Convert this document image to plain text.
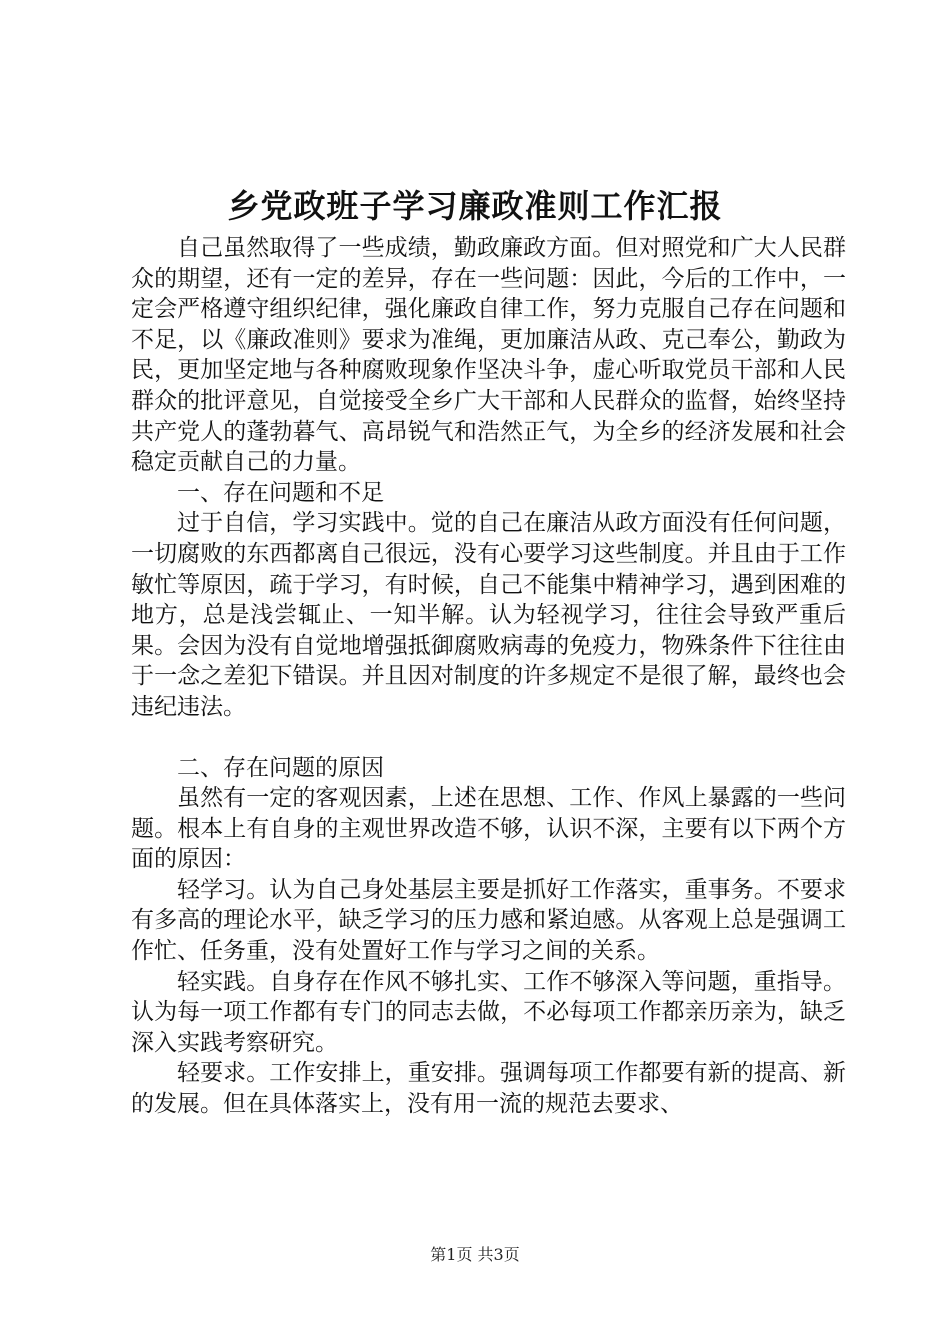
乡党政班子学习廉政准则工作汇报

自己虽然取得了一些成绩，勤政廉政方面。但对照党和广大人民群众的期望，还有一定的差异，存在一些问题：因此，今后的工作中，一定会严格遵守组织纪律，强化廉政自律工作，努力克服自己存在问题和不足，以《廉政准则》要求为准绳，更加廉洁从政、克己奉公，勤政为民，更加坚定地与各种腐败现象作坚决斗争，虚心听取党员干部和人民群众的批评意见，自觉接受全乡广大干部和人民群众的监督，始终坚持共产党人的蓬勃暮气、高昂锐气和浩然正气，为全乡的经济发展和社会稳定贡献自己的力量。

一、存在问题和不足

过于自信，学习实践中。觉的自己在廉洁从政方面没有任何问题，一切腐败的东西都离自己很远，没有心要学习这些制度。并且由于工作敏忙等原因，疏于学习，有时候，自己不能集中精神学习，遇到困难的地方，总是浅尝辄止、一知半解。认为轻视学习，往往会导致严重后果。会因为没有自觉地增强抵御腐败病毒的免疫力，物殊条件下往往由于一念之差犯下错误。并且因对制度的许多规定不是很了解，最终也会违纪违法。

二、存在问题的原因

虽然有一定的客观因素，上述在思想、工作、作风上暴露的一些问题。根本上有自身的主观世界改造不够，认识不深，主要有以下两个方面的原因：

轻学习。认为自己身处基层主要是抓好工作落实，重事务。不要求有多高的理论水平，缺乏学习的压力感和紧迫感。从客观上总是强调工作忙、任务重，没有处置好工作与学习之间的关系。

轻实践。自身存在作风不够扎实、工作不够深入等问题，重指导。认为每一项工作都有专门的同志去做，不必每项工作都亲历亲为，缺乏深入实践考察研究。

轻要求。工作安排上，重安排。强调每项工作都要有新的提高、新的发展。但在具体落实上，没有用一流的规范去要求、

第1页 共3页
